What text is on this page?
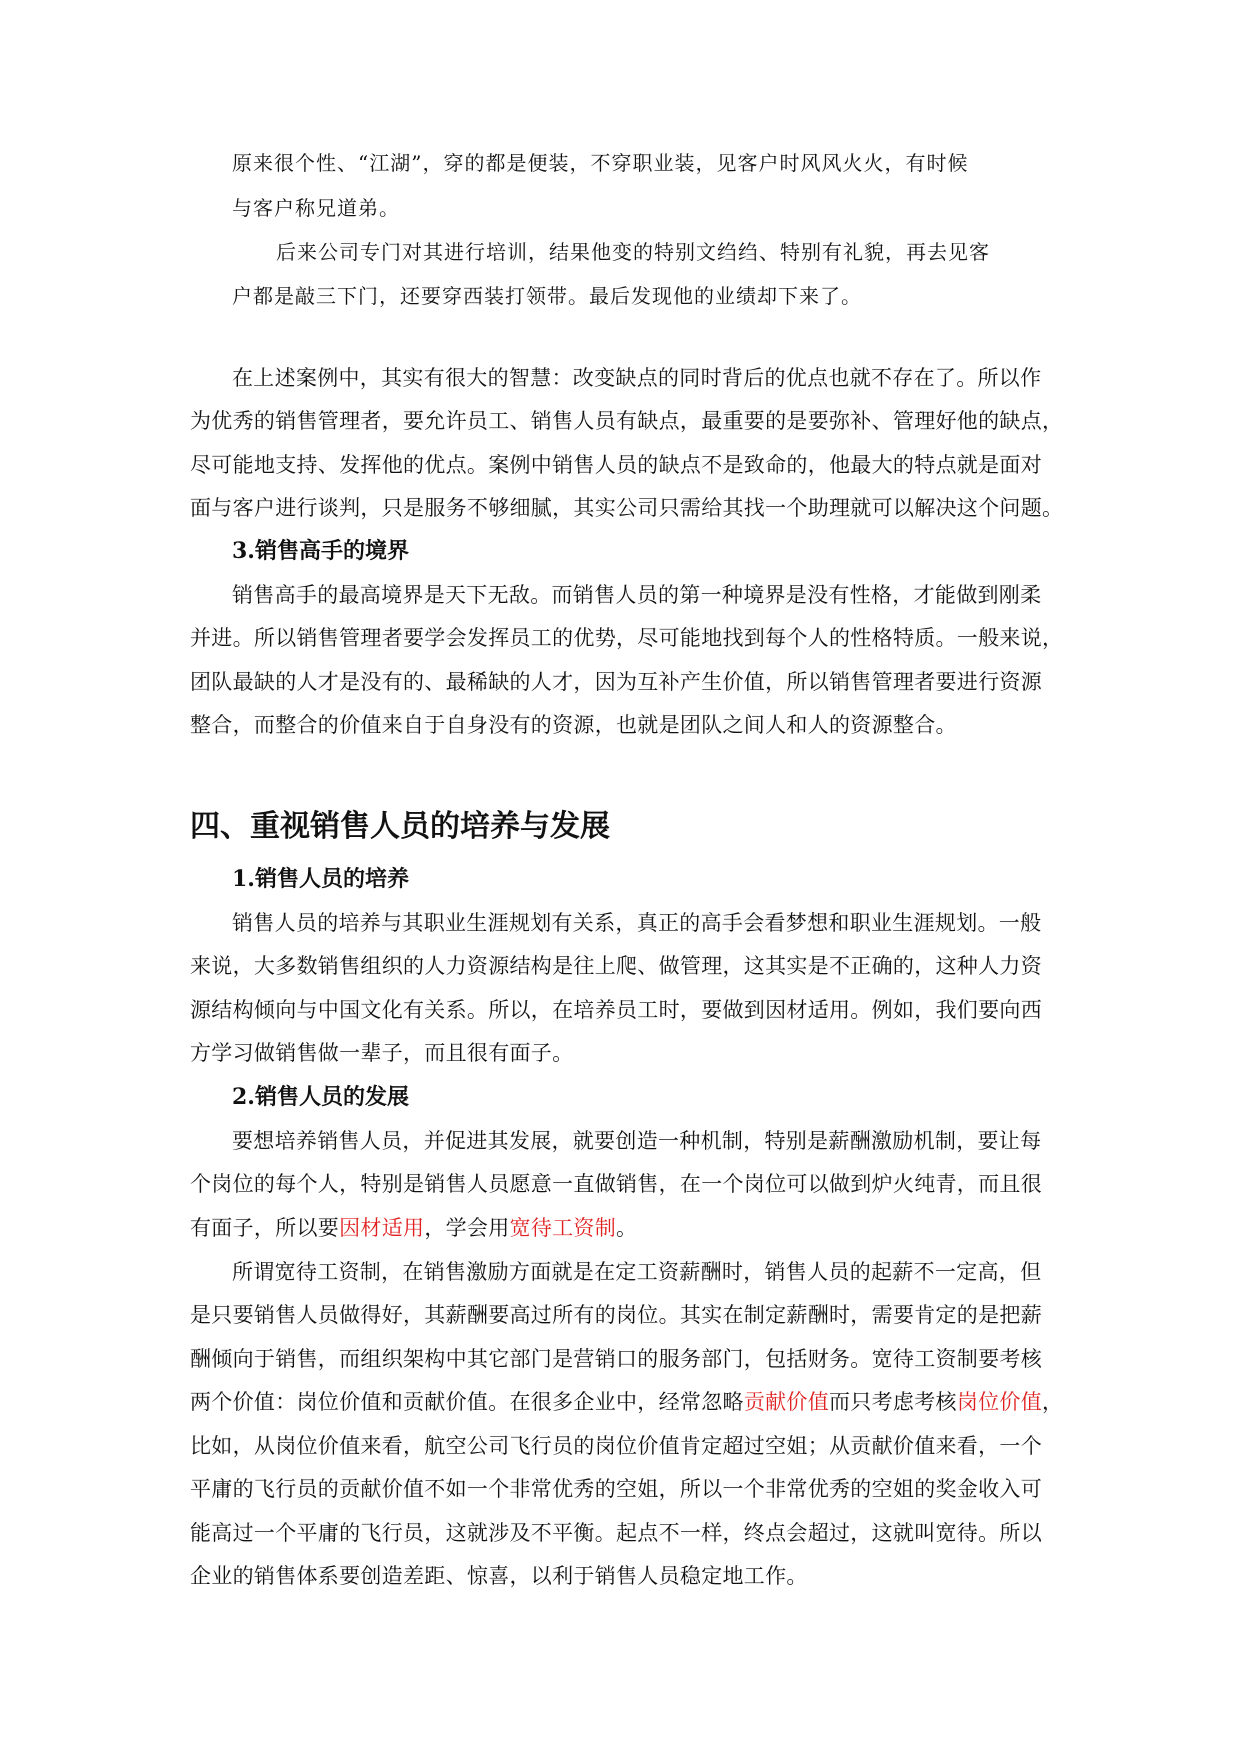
原来很个性、“江湖”，穿的都是便装，不穿职业装，见客户时风风火火，有时候
与客户称兄道弟。
后来公司专门对其进行培训，结果他变的特别文绉绉、特别有礼貌，再去见客
户都是敲三下门，还要穿西装打领带。最后发现他的业绩却下来了。
在上述案例中，其实有很大的智慧：改变缺点的同时背后的优点也就不存在了。所以作
为优秀的销售管理者，要允许员工、销售人员有缺点，最重要的是要弥补、管理好他的缺点，
尽可能地支持、发挥他的优点。案例中销售人员的缺点不是致命的，他最大的特点就是面对
面与客户进行谈判，只是服务不够细腻，其实公司只需给其找一个助理就可以解决这个问题。
3.销售高手的境界
销售高手的最高境界是天下无敌。而销售人员的第一种境界是没有性格，才能做到刚柔
并进。所以销售管理者要学会发挥员工的优势，尽可能地找到每个人的性格特质。一般来说，
团队最缺的人才是没有的、最稀缺的人才，因为互补产生价值，所以销售管理者要进行资源
整合，而整合的价值来自于自身没有的资源，也就是团队之间人和人的资源整合。
四、重视销售人员的培养与发展
1.销售人员的培养
销售人员的培养与其职业生涯规划有关系，真正的高手会看梦想和职业生涯规划。一般
来说，大多数销售组织的人力资源结构是往上爬、做管理，这其实是不正确的，这种人力资
源结构倾向与中国文化有关系。所以，在培养员工时，要做到因材适用。例如，我们要向西
方学习做销售做一辈子，而且很有面子。
2.销售人员的发展
要想培养销售人员，并促进其发展，就要创造一种机制，特别是薪酬激励机制，要让每
个岗位的每个人，特别是销售人员愿意一直做销售，在一个岗位可以做到炉火纯青，而且很
有面子，所以要因材适用，学会用宽待工资制。
所谓宽待工资制，在销售激励方面就是在定工资薪酬时，销售人员的起薪不一定高，但
是只要销售人员做得好，其薪酬要高过所有的岗位。其实在制定薪酬时，需要肯定的是把薪
酬倾向于销售，而组织架构中其它部门是营销口的服务部门，包括财务。宽待工资制要考核
两个价值：岗位价值和贡献价值。在很多企业中，经常忽略贡献价值而只考虑考核岗位价值，
比如，从岗位价值来看，航空公司飞行员的岗位价值肯定超过空姐；从贡献价值来看，一个
平庸的飞行员的贡献价值不如一个非常优秀的空姐，所以一个非常优秀的空姐的奖金收入可
能高过一个平庸的飞行员，这就涉及不平衡。起点不一样，终点会超过，这就叫宽待。所以
企业的销售体系要创造差距、惊喜，以利于销售人员稳定地工作。
